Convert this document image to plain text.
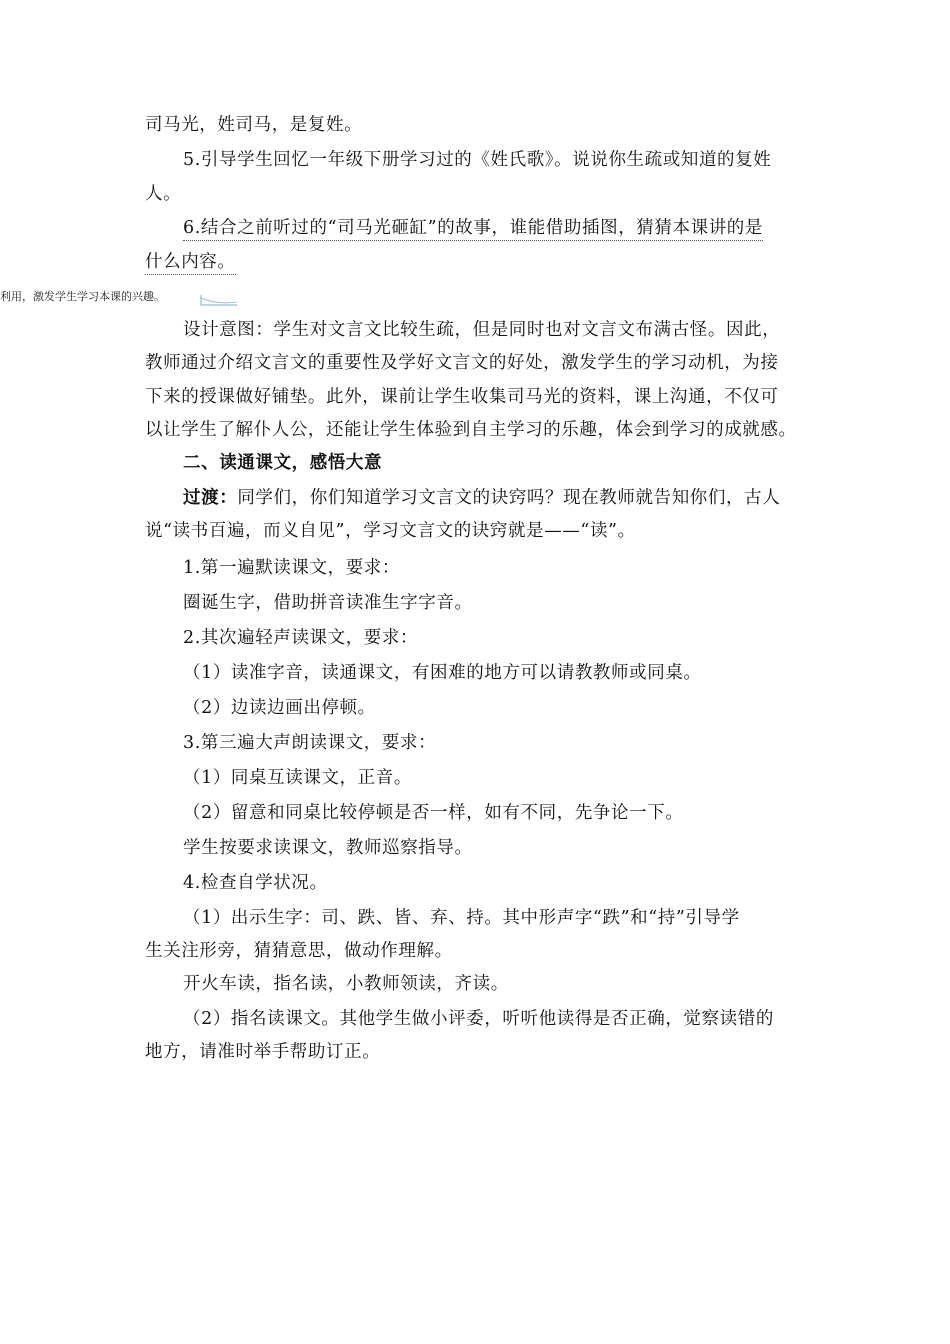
司马光，姓司马，是复姓。
5.引导学生回忆一年级下册学习过的《姓氏歌》。说说你生疏或知道的复姓
人。
6.结合之前听过的“司马光砸缸”的故事，谁能借助插图，猜猜本课讲的是
什么内容。
利用，激发学生学习本课的兴趣。
设计意图：学生对文言文比较生疏，但是同时也对文言文布满古怪。因此，
教师通过介绍文言文的重要性及学好文言文的好处，激发学生的学习动机，为接
下来的授课做好铺垫。此外，课前让学生收集司马光的资料，课上沟通，不仅可
以让学生了解仆人公，还能让学生体验到自主学习的乐趣，体会到学习的成就感。
二、读通课文，感悟大意
过渡：同学们，你们知道学习文言文的诀窍吗？现在教师就告知你们，古人
说“读书百遍，而义自见”，学习文言文的诀窍就是——“读”。
1.第一遍默读课文，要求：
圈诞生字，借助拼音读准生字字音。
2.其次遍轻声读课文，要求：
（1）读准字音，读通课文，有困难的地方可以请教教师或同桌。
（2）边读边画出停顿。
3.第三遍大声朗读课文，要求：
（1）同桌互读课文，正音。
（2）留意和同桌比较停顿是否一样，如有不同，先争论一下。
学生按要求读课文，教师巡察指导。
4.检查自学状况。
（1）出示生字：司、跌、皆、弃、持。其中形声字“跌”和“持”引导学
生关注形旁，猜猜意思，做动作理解。
开火车读，指名读，小教师领读，齐读。
（2）指名读课文。其他学生做小评委，听听他读得是否正确，觉察读错的
地方，请准时举手帮助订正。
